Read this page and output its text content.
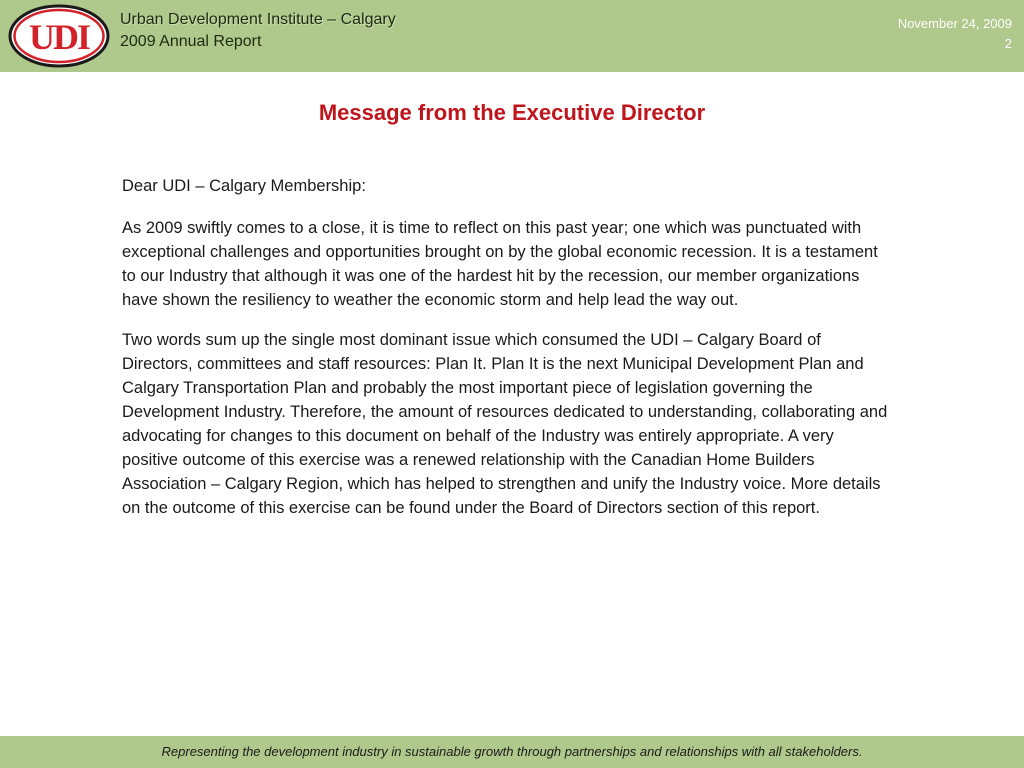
UDI Urban Development Institute – Calgary
2009 Annual Report
November 24, 2009
2
Message from the Executive Director

Dear UDI – Calgary Membership:

As 2009 swiftly comes to a close, it is time to reflect on this past year; one which was punctuated with exceptional challenges and opportunities brought on by the global economic recession. It is a testament to our Industry that although it was one of the hardest hit by the recession, our member organizations have shown the resiliency to weather the economic storm and help lead the way out.

Two words sum up the single most dominant issue which consumed the UDI – Calgary Board of Directors, committees and staff resources: Plan It. Plan It is the next Municipal Development Plan and Calgary Transportation Plan and probably the most important piece of legislation governing the Development Industry. Therefore, the amount of resources dedicated to understanding, collaborating and advocating for changes to this document on behalf of the Industry was entirely appropriate. A very positive outcome of this exercise was a renewed relationship with the Canadian Home Builders Association – Calgary Region, which has helped to strengthen and unify the Industry voice. More details on the outcome of this exercise can be found under the Board of Directors section of this report.

Representing the development industry in sustainable growth through partnerships and relationships with all stakeholders.
